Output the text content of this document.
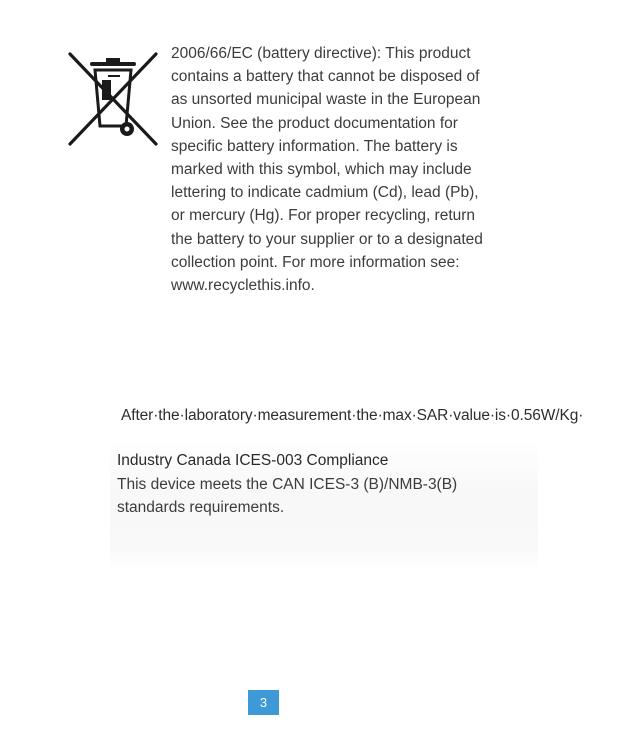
2006/66/EC (battery directive): This product contains a battery that cannot be disposed of as unsorted municipal waste in the European Union. See the product documentation for specific battery information. The battery is marked with this symbol, which may include lettering to indicate cadmium (Cd), lead (Pb), or mercury (Hg). For proper recycling, return the battery to your supplier or to a designated collection point. For more information see: www.recyclethis.info.

After·the·laboratory·measurement·the·max·SAR·value·is·0.56W/Kg·

Industry Canada ICES-003 Compliance

This device meets the CAN ICES-3 (B)/NMB-3(B) standards requirements.

3
